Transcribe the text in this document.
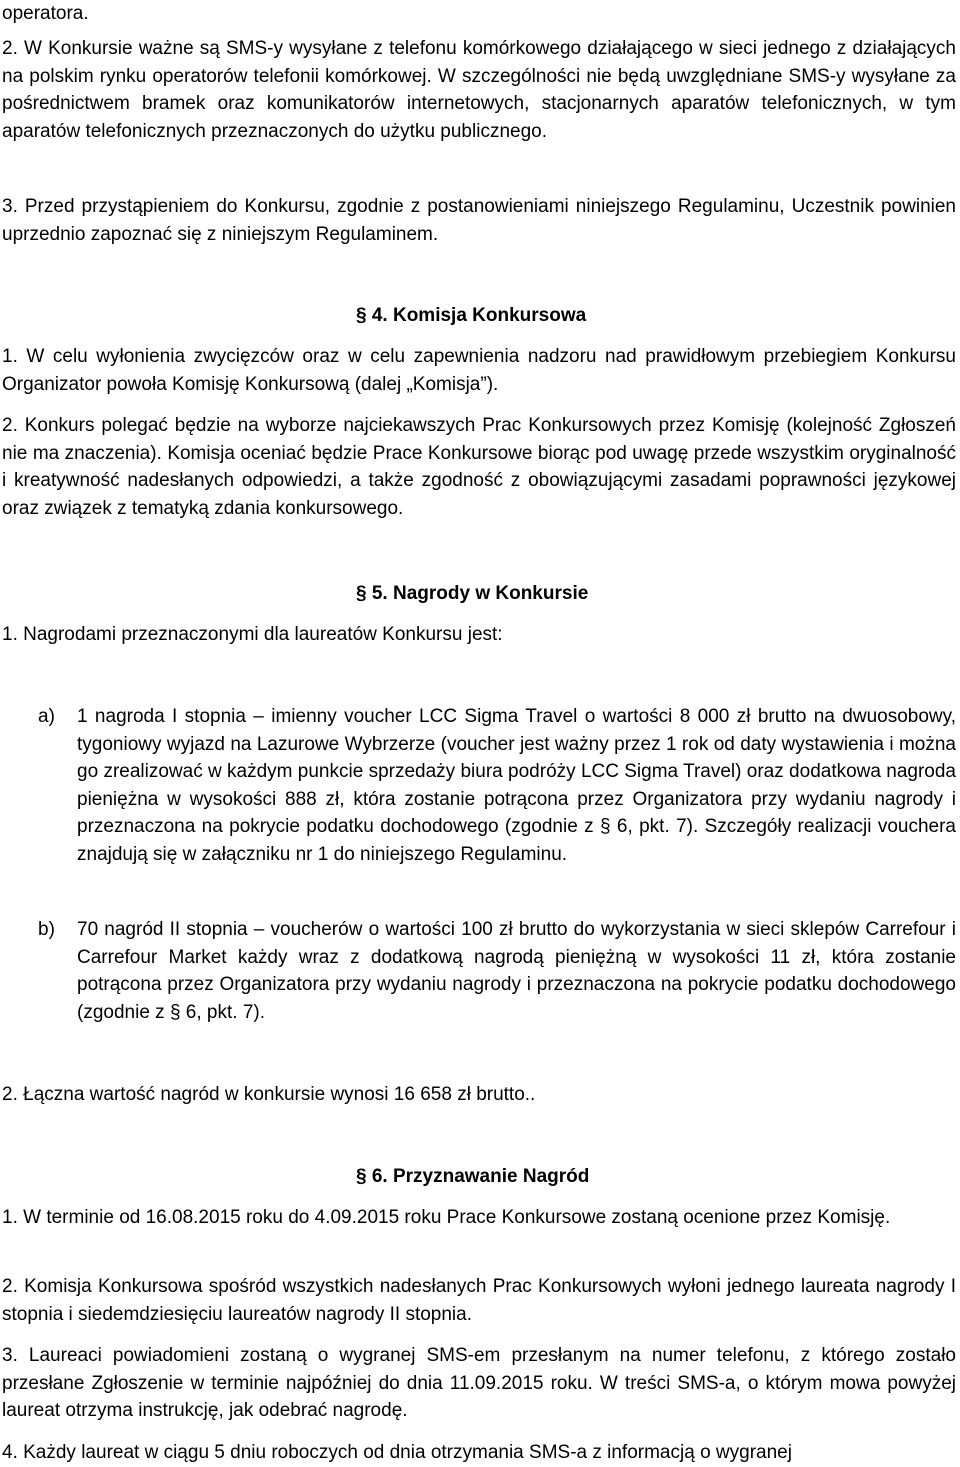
operatora.

2. W Konkursie ważne są SMS-y wysyłane z telefonu komórkowego działającego w sieci jednego z działających na polskim rynku operatorów telefonii komórkowej. W szczególności nie będą uwzględniane SMS-y wysyłane za pośrednictwem bramek oraz komunikatorów internetowych, stacjonarnych aparatów telefonicznych, w tym aparatów telefonicznych przeznaczonych do użytku publicznego.

3. Przed przystąpieniem do Konkursu, zgodnie z postanowieniami niniejszego Regulaminu, Uczestnik powinien uprzednio zapoznać się z niniejszym Regulaminem.

§ 4. Komisja Konkursowa

1. W celu wyłonienia zwycięzców oraz w celu zapewnienia nadzoru nad prawidłowym przebiegiem Konkursu Organizator powoła Komisję Konkursową (dalej „Komisja”).

2. Konkurs polegać będzie na wyborze najciekawszych Prac Konkursowych przez Komisję (kolejność Zgłoszeń nie ma znaczenia). Komisja oceniać będzie Prace Konkursowe biorąc pod uwagę przede wszystkim oryginalność i kreatywność nadesłanych odpowiedzi, a także zgodność z obowiązującymi zasadami poprawności językowej oraz związek z tematyką zdania konkursowego.

§ 5. Nagrody w Konkursie

1. Nagrodami przeznaczonymi dla laureatów Konkursu jest:

a) 1 nagroda I stopnia – imienny voucher LCC Sigma Travel o wartości 8 000 zł brutto na dwuosobowy, tygoniowy wyjazd na Lazurowe Wybrzerze (voucher jest ważny przez 1 rok od daty wystawienia i można go zrealizować w każdym punkcie sprzedaży biura podróży LCC Sigma Travel) oraz dodatkowa nagroda pieniężna w wysokości 888 zł, która zostanie potrącona przez Organizatora przy wydaniu nagrody i przeznaczona na pokrycie podatku dochodowego (zgodnie z § 6, pkt. 7). Szczegóły realizacji vouchera znajdują się w załączniku nr 1 do niniejszego Regulaminu.

b) 70 nagród II stopnia – voucherów o wartości 100 zł brutto do wykorzystania w sieci sklepów Carrefour i Carrefour Market każdy wraz z dodatkową nagrodą pieniężną w wysokości 11 zł, która zostanie potrącona przez Organizatora przy wydaniu nagrody i przeznaczona na pokrycie podatku dochodowego (zgodnie z § 6, pkt. 7).

2. Łączna wartość nagród w konkursie wynosi 16 658 zł brutto..

§ 6. Przyznawanie Nagród

1. W terminie od 16.08.2015 roku do 4.09.2015 roku Prace Konkursowe zostaną ocenione przez Komisję.

2. Komisja Konkursowa spośród wszystkich nadesłanych Prac Konkursowych wyłoni jednego laureata nagrody I stopnia i siedemdziesięciu laureatów nagrody II stopnia.

3. Laureaci powiadomieni zostaną o wygranej SMS-em przesłanym na numer telefonu, z którego zostało przesłane Zgłoszenie w terminie najpóźniej do dnia 11.09.2015 roku. W treści SMS-a, o którym mowa powyżej laureat otrzyma instrukcję, jak odebrać nagrodę.

4. Każdy laureat w ciągu 5 dniu roboczych od dnia otrzymania SMS-a z informacją o wygranej
